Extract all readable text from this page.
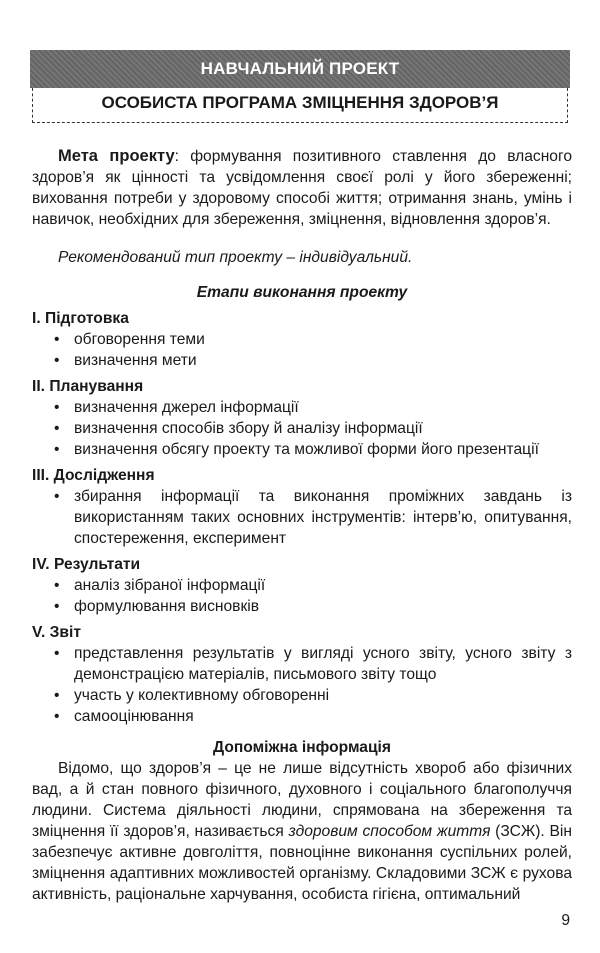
НАВЧАЛЬНИЙ ПРОЕКТ
ОСОБИСТА ПРОГРАМА ЗМІЦНЕННЯ ЗДОРОВ’Я

Мета проекту: формування позитивного ставлення до власного здоров’я як цінності та усвідомлення своєї ролі у його збереженні; виховання потреби у здоровому способі життя; отримання знань, умінь і навичок, необхідних для збереження, зміцнення, відновлення здоров’я.

Рекомендований тип проекту – індивідуальний.

Етапи виконання проекту
I. Підготовка
• обговорення теми
• визначення мети
II. Планування
• визначення джерел інформації
• визначення способів збору й аналізу інформації
• визначення обсягу проекту та можливої форми його презентації
III. Дослідження
• збирання інформації та виконання проміжних завдань із використанням таких основних інструментів: інтерв’ю, опитування, спостереження, експеримент
IV. Результати
• аналіз зібраної інформації
• формулювання висновків
V. Звіт
• представлення результатів у вигляді усного звіту, усного звіту з демонстрацією матеріалів, письмового звіту тощо
• участь у колективному обговоренні
• самооцінювання
Допоміжна інформація

Відомо, що здоров’я – це не лише відсутність хвороб або фізичних вад, а й стан повного фізичного, духовного і соціального благополуччя людини. Система діяльності людини, спрямована на збереження та зміцнення її здоров’я, називається здоровим способом життя (ЗСЖ). Він забезпечує активне довголіття, повноцінне виконання суспільних ролей, зміцнення адаптивних можливостей організму. Складовими ЗСЖ є рухова активність, раціональне харчування, особиста гігієна, оптимальний

9
